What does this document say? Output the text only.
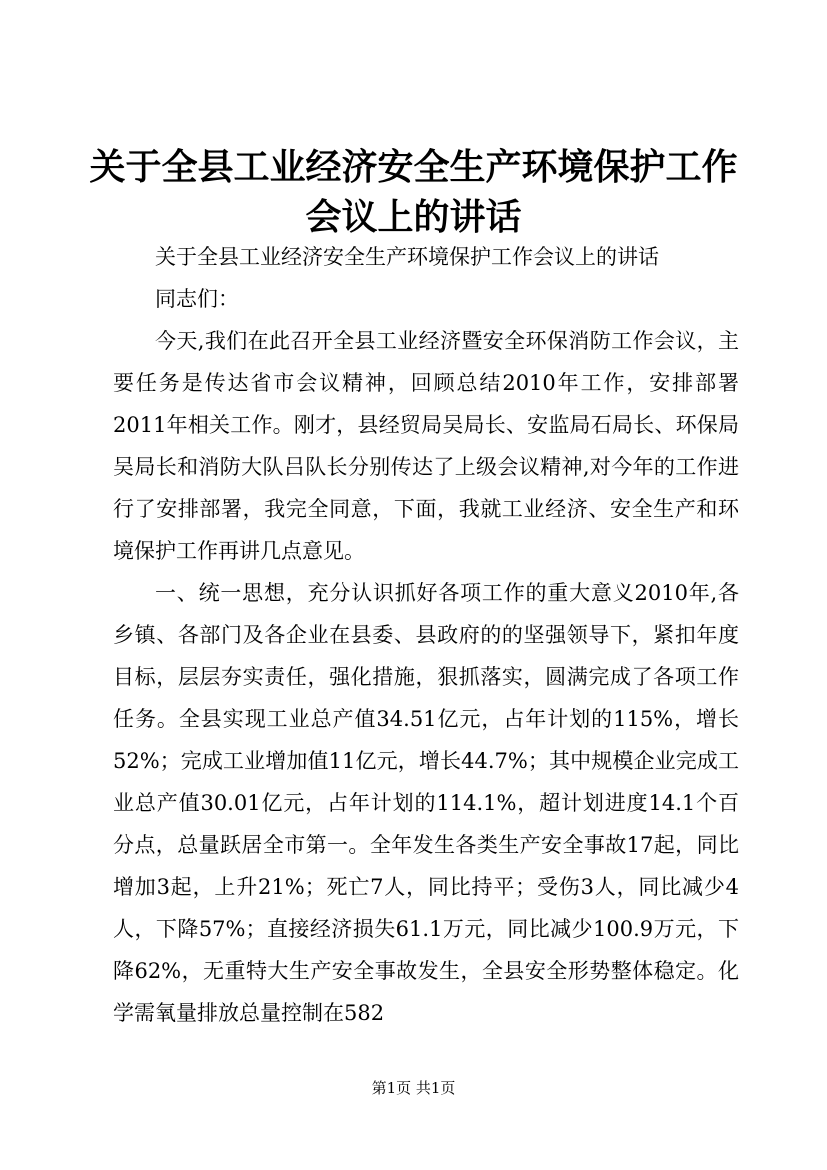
关于全县工业经济安全生产环境保护工作会议上的讲话

关于全县工业经济安全生产环境保护工作会议上的讲话

同志们：

今天,我们在此召开全县工业经济暨安全环保消防工作会议，主要任务是传达省市会议精神，回顾总结2010年工作，安排部署2011年相关工作。刚才，县经贸局吴局长、安监局石局长、环保局吴局长和消防大队吕队长分别传达了上级会议精神,对今年的工作进行了安排部署，我完全同意，下面，我就工业经济、安全生产和环境保护工作再讲几点意见。

一、统一思想，充分认识抓好各项工作的重大意义2010年,各乡镇、各部门及各企业在县委、县政府的的坚强领导下，紧扣年度目标，层层夯实责任，强化措施，狠抓落实，圆满完成了各项工作任务。全县实现工业总产值34.51亿元，占年计划的115%，增长52%；完成工业增加值11亿元，增长44.7%；其中规模企业完成工业总产值30.01亿元，占年计划的114.1%，超计划进度14.1个百分点，总量跃居全市第一。全年发生各类生产安全事故17起，同比增加3起，上升21%；死亡7人，同比持平；受伤3人，同比减少4人，下降57%；直接经济损失61.1万元，同比减少100.9万元，下降62%，无重特大生产安全事故发生，全县安全形势整体稳定。化学需氧量排放总量控制在582

第1页 共1页
